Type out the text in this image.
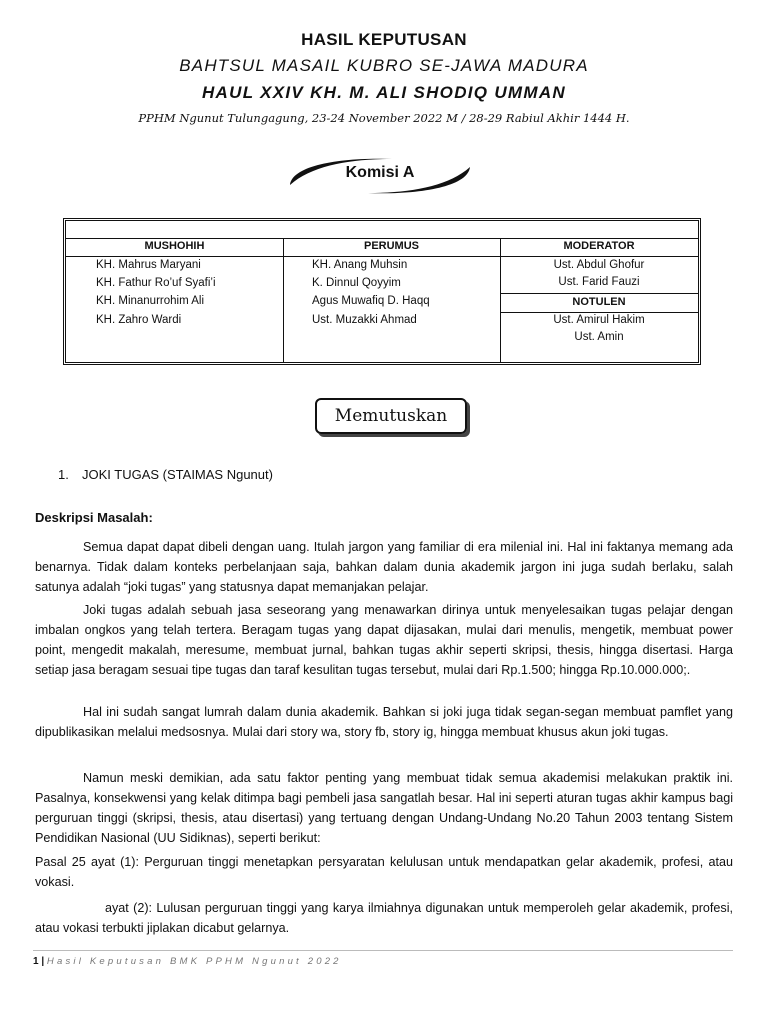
HASIL KEPUTUSAN
BAHTSUL MASAIL KUBRO SE-JAWA MADURA
HAUL XXIV KH. M. ALI SHODIQ UMMAN
PPHM Ngunut Tulungagung, 23-24 November 2022 M / 28-29 Rabiul Akhir 1444 H.
Komisi A
MUSHOHIH	PERUMUS	MODERATOR
KH. Mahrus Maryani
KH. Fathur Ro’uf Syafi’i
KH. Minanurrohim Ali
KH. Zahro Wardi
KH. Anang Muhsin
K. Dinnul Qoyyim
Agus Muwafiq D. Haqq
Ust. Muzakki Ahmad
Ust. Abdul Ghofur
Ust. Farid Fauzi
NOTULEN
Ust. Amirul Hakim
Ust. Amin
Memutuskan
1. JOKI TUGAS (STAIMAS Ngunut)
Deskripsi Masalah:
Semua dapat dapat dibeli dengan uang. Itulah jargon yang familiar di era milenial ini. Hal ini faktanya memang ada benarnya. Tidak dalam konteks perbelanjaan saja, bahkan dalam dunia akademik jargon ini juga sudah berlaku, salah satunya adalah “joki tugas” yang statusnya dapat memanjakan pelajar.
Joki tugas adalah sebuah jasa seseorang yang menawarkan dirinya untuk menyelesaikan tugas pelajar dengan imbalan ongkos yang telah tertera. Beragam tugas yang dapat dijasakan, mulai dari menulis, mengetik, membuat power point, mengedit makalah, meresume, membuat jurnal, bahkan tugas akhir seperti skripsi, thesis, hingga disertasi. Harga setiap jasa beragam sesuai tipe tugas dan taraf kesulitan tugas tersebut, mulai dari Rp.1.500; hingga Rp.10.000.000;.
Hal ini sudah sangat lumrah dalam dunia akademik. Bahkan si joki juga tidak segan-segan membuat pamflet yang dipublikasikan melalui medsosnya. Mulai dari story wa, story fb, story ig, hingga membuat khusus akun joki tugas.
Namun meski demikian, ada satu faktor penting yang membuat tidak semua akademisi melakukan praktik ini. Pasalnya, konsekwensi yang kelak ditimpa bagi pembeli jasa sangatlah besar. Hal ini seperti aturan tugas akhir kampus bagi perguruan tinggi (skripsi, thesis, atau disertasi) yang tertuang dengan Undang-Undang No.20 Tahun 2003 tentang Sistem Pendidikan Nasional (UU Sidiknas), seperti berikut:
Pasal 25 ayat (1): Perguruan tinggi menetapkan persyaratan kelulusan untuk mendapatkan gelar akademik, profesi, atau vokasi.
ayat (2): Lulusan perguruan tinggi yang karya ilmiahnya digunakan untuk memperoleh gelar akademik, profesi, atau vokasi terbukti jiplakan dicabut gelarnya.
1 | Hasil Keputusan BMK PPHM Ngunut 2022
